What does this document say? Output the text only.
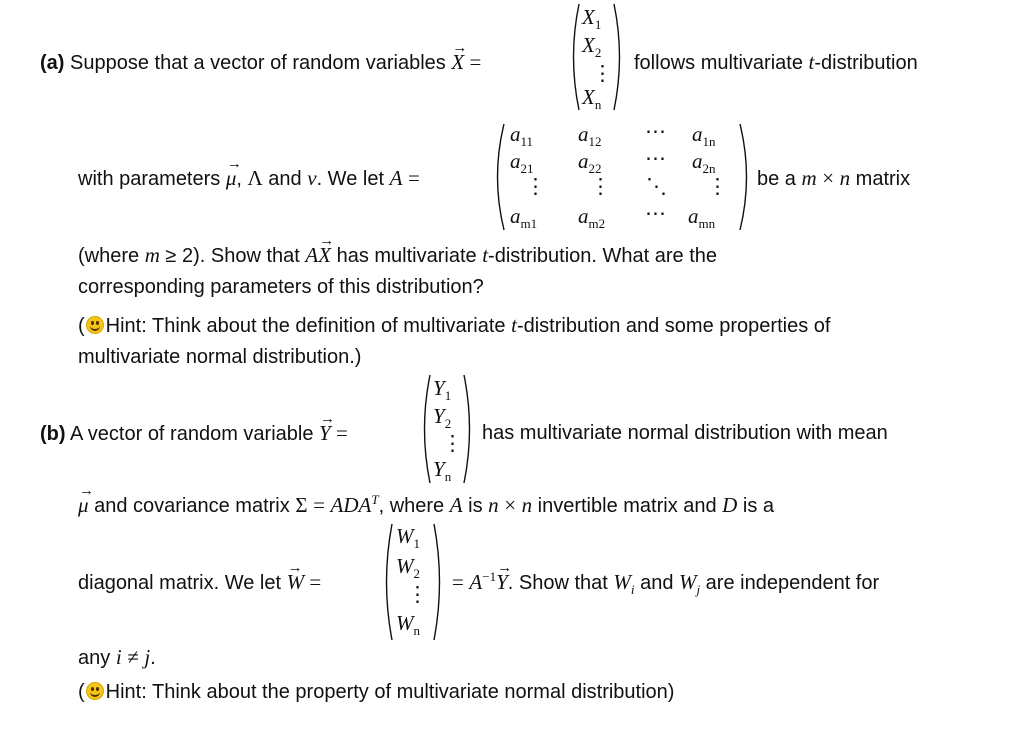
$X_1$
$X_2$
⋮
$X_n$
(a) Suppose that a vector of random variables → X =	follows multivariate t-distribution
$a_{11}$ $a_{12}$ ⋯ $a_{1n}$
$a_{21}$ $a_{22}$ ⋯ $a_{2n}$
⋮ ⋮ ⋱ ⋮
$a_{m1}$ $a_{m2}$ ⋯ $a_{mn}$
with parameters → μ, Λ and ν. We let A =	be a m × n matrix
(where m ≥ 2). Show that A→ X has multivariate t-distribution. What are the
corresponding parameters of this distribution?
( Hint: Think about the definition of multivariate t-distribution and some properties of
multivariate normal distribution.)
$Y_1$
$Y_2$
⋮
$Y_n$
(b) A vector of random variable → Y =	has multivariate normal distribution with mean
→ μ and covariance matrix $\Sigma = ADA^T$, where A is n × n invertible matrix and D is a
$W_1$
$W_2$
⋮
$W_n$
diagonal matrix. We let → W =	= $A^{-1}\to Y$. Show that $W_i$ and $W_j$ are independent for
any i ≠ j.
( Hint: Think about the property of multivariate normal distribution)
